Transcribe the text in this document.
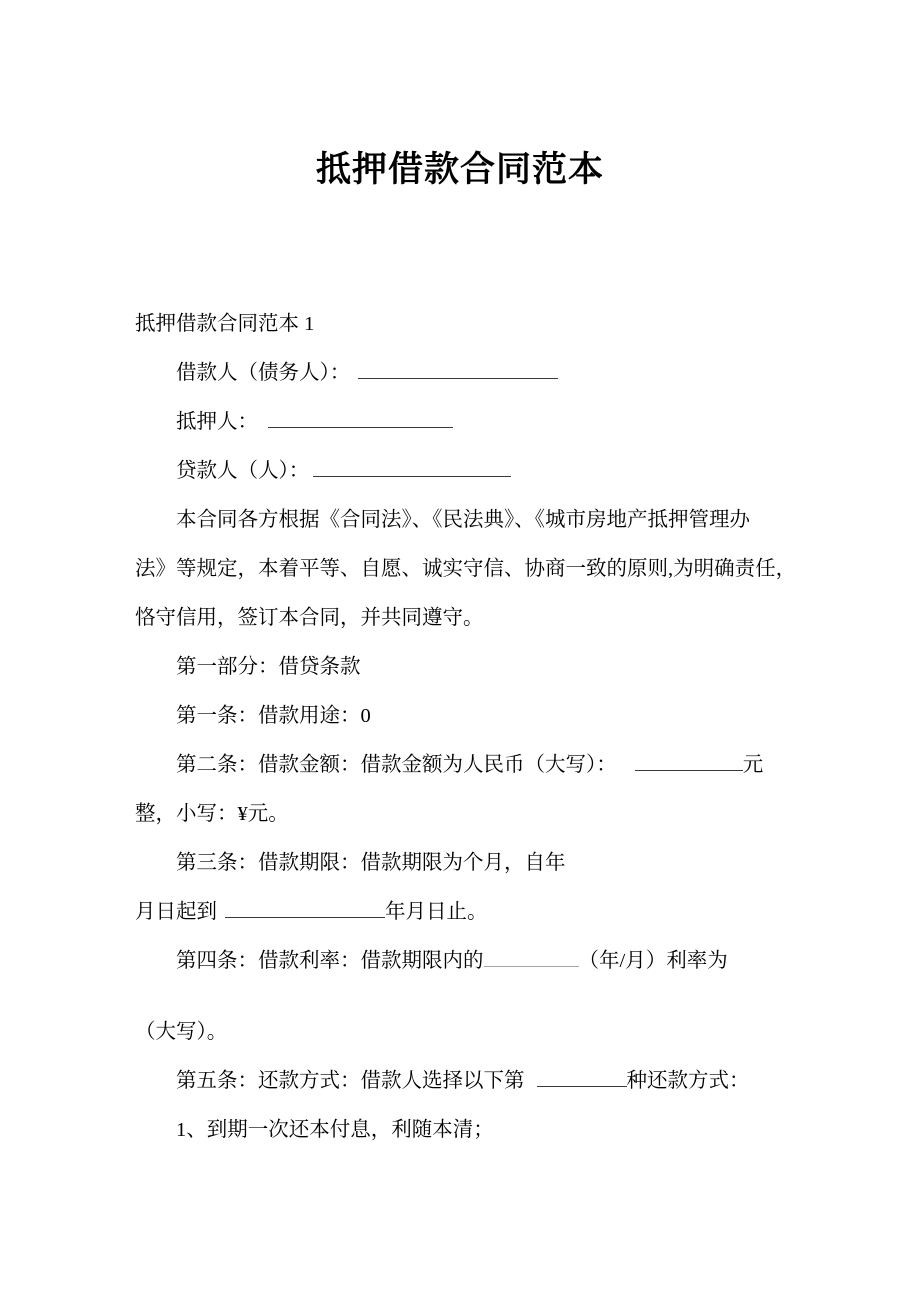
抵押借款合同范本
抵押借款合同范本 1
借款人（债务人）：
抵押人：
贷款人（人）：
本合同各方根据《合同法》、《民法典》、《城市房地产抵押管理办
法》等规定，本着平等、自愿、诚实守信、协商一致的原则,为明确责任，
恪守信用，签订本合同，并共同遵守。
第一部分：借贷条款
第一条：借款用途：0
第二条：借款金额：借款金额为人民币（大写）：	元
整，小写：¥元。
第三条：借款期限：借款期限为个月，自年
月日起到	年月日止。
第四条：借款利率：借款期限内的	（年/月）利率为
（大写）。
第五条：还款方式：借款人选择以下第	种还款方式：
1、到期一次还本付息，利随本清；
